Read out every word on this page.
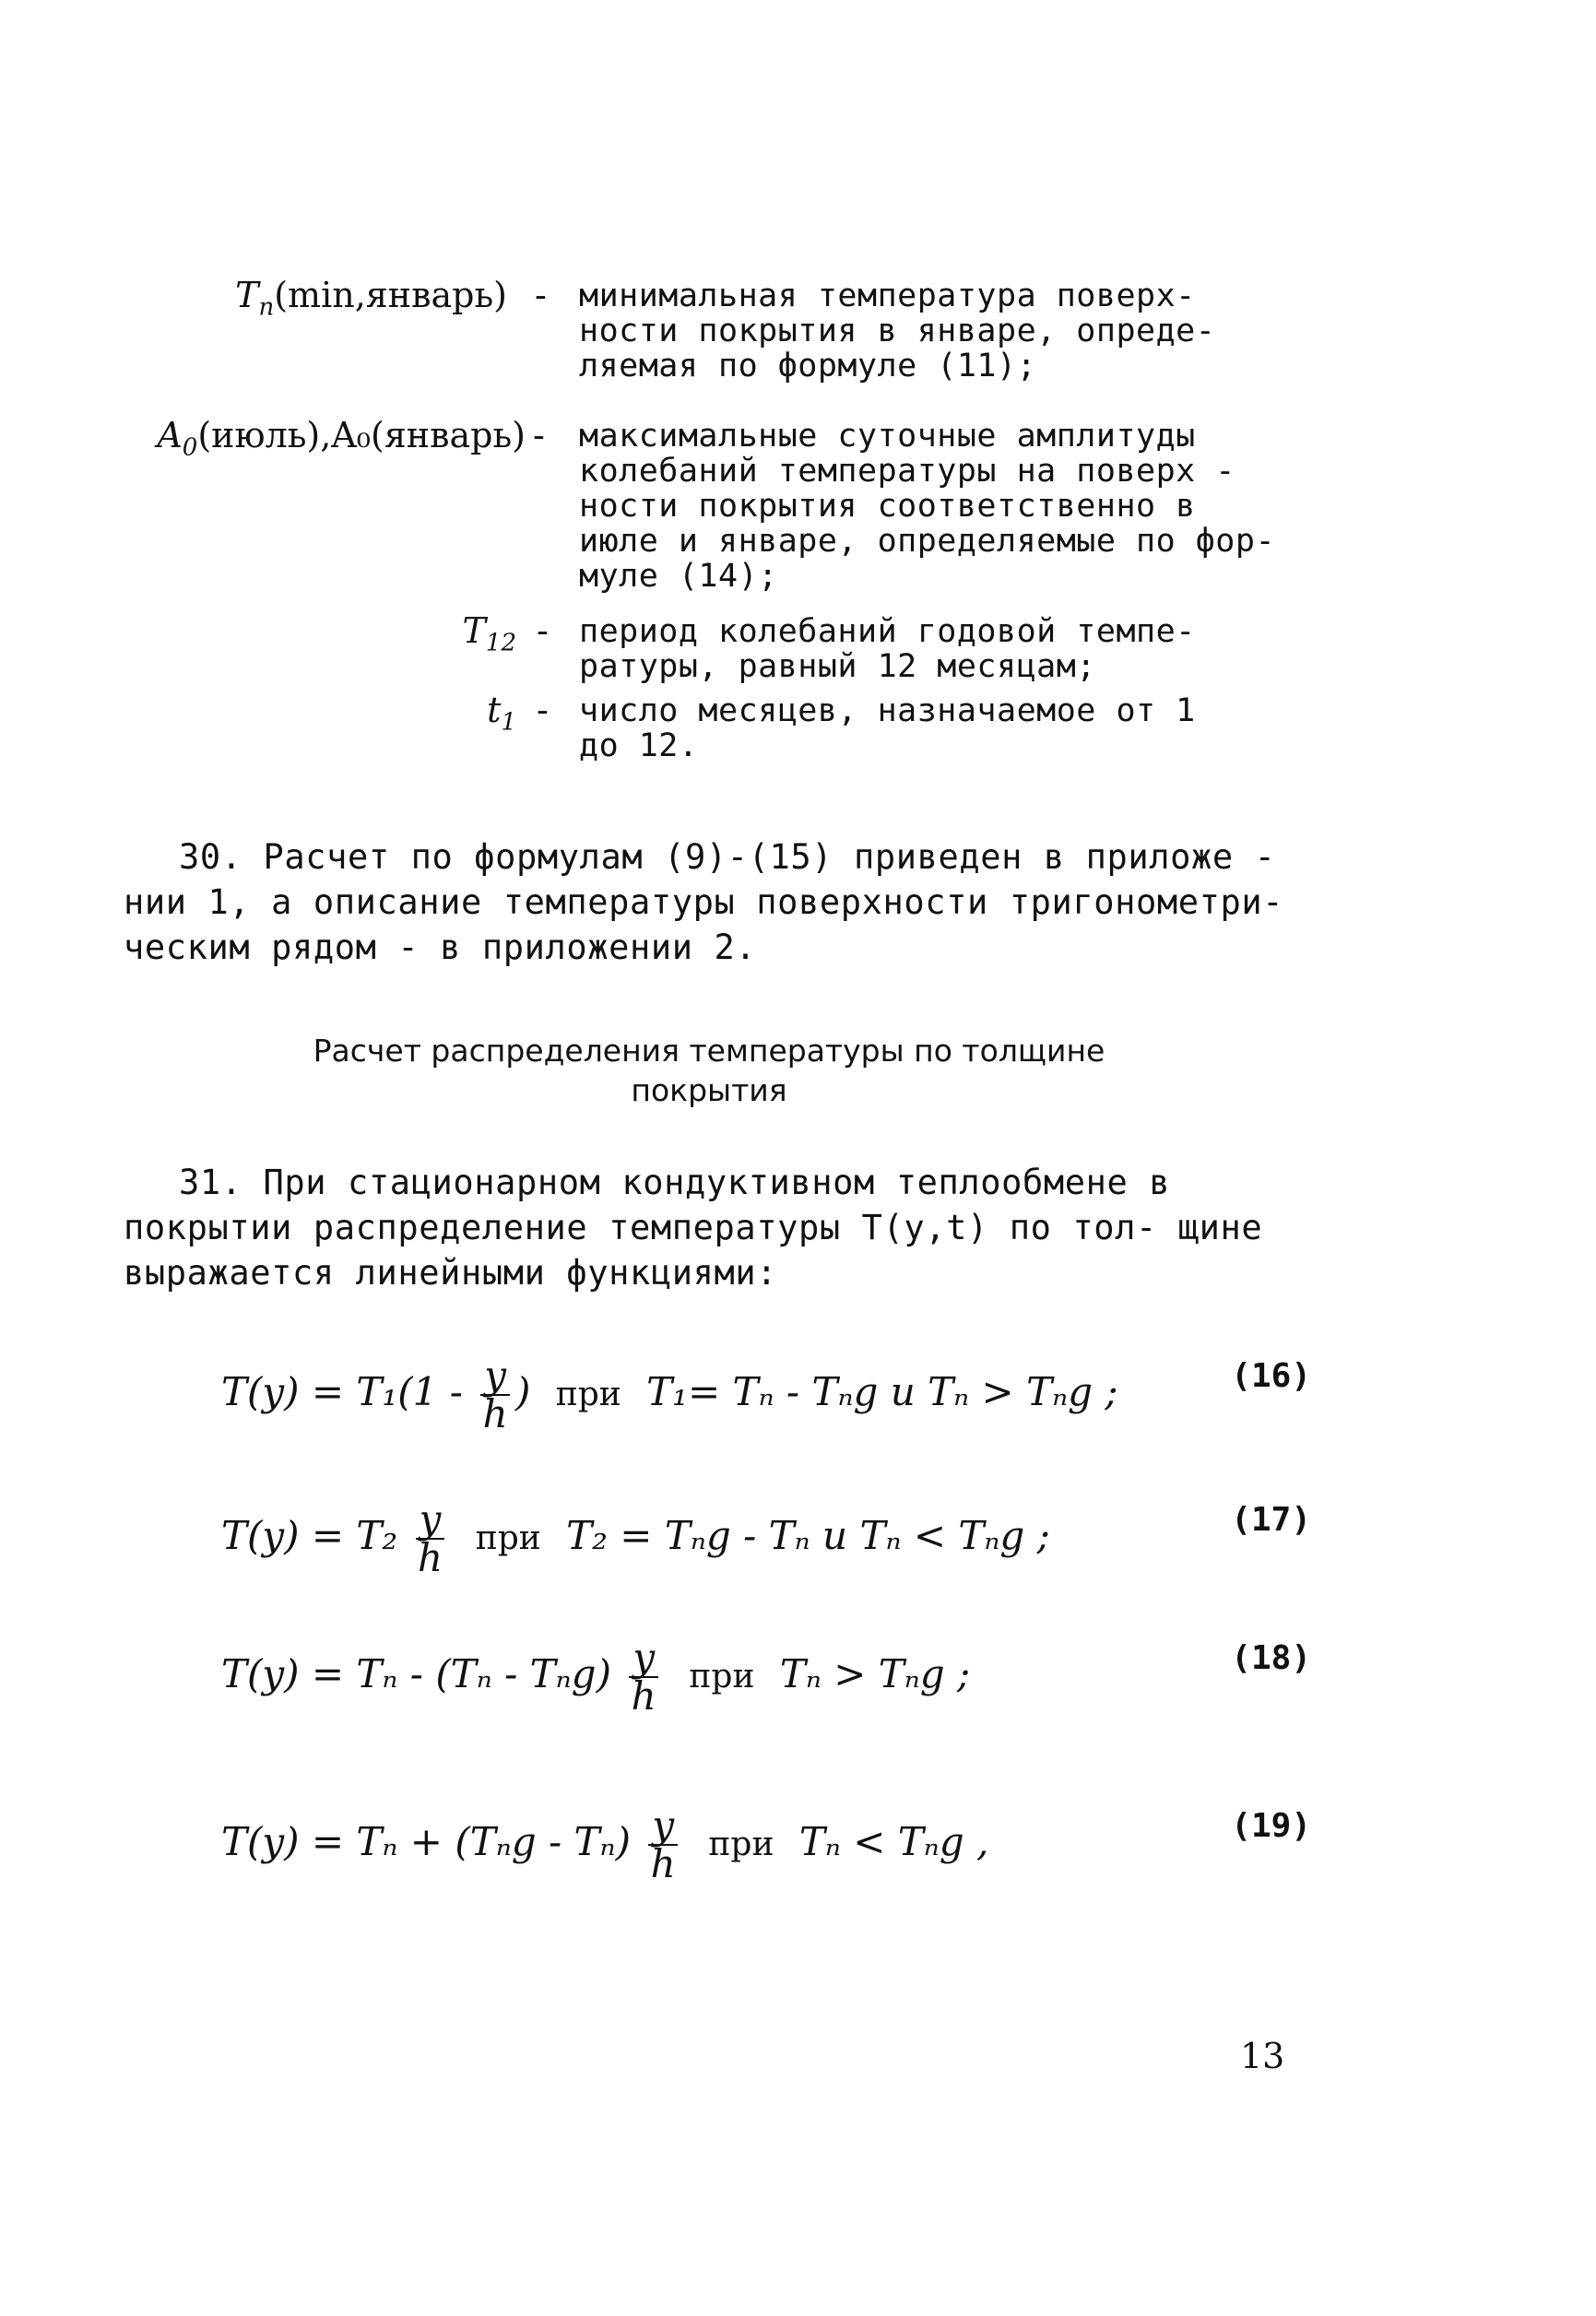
$T_n(\min,январь)$ - минимальная температура поверх-
ности покрытия в январе, опреде-
ляемая по формуле (11);
$A_0(июль),A_0(январь)$ - максимальные суточные амплитуды
колебаний температуры на поверх -
ности покрытия соответственно в
июле и январе, определяемые по фор-
муле (14);
$T_{12}$ - период колебаний годовой темпе-
ратуры, равный 12 месяцам;
$t_1$ - число месяцев, назначаемое от 1
до 12.
30. Расчет по формулам (9)-(15) приведен в приложе - нии 1, а описание температуры поверхности тригонометри- ческим рядом - в приложении 2.
Расчет распределения температуры по толщине
покрытия
31. При стационарном кондуктивном теплообмене в покрытии распределение температуры T(y,t) по тол- щине выражается линейными функциями:
$T(y) = T_1(1 - \frac{y}{h}$ ) при T₁= Tₙ - Tₙ𝑔 и Tₙ > Tₙ𝑔 ;	(16)
$T(y) = T_2 \frac{y}{h}$ при T₂ = Tₙ𝑔 - Tₙ и Tₙ < Tₙ𝑔 ;	(17)
T(y) = Tₙ - (Tₙ - Tₙ𝑔) $\frac{y}{h}$ при Tₙ > Tₙ𝑔 ;	(18)
T(y) = Tₙ + (Tₙ𝑔 - $T_n) \frac{y}{h}$ при Tₙ < Tₙ𝑔 ,	(19)
13
